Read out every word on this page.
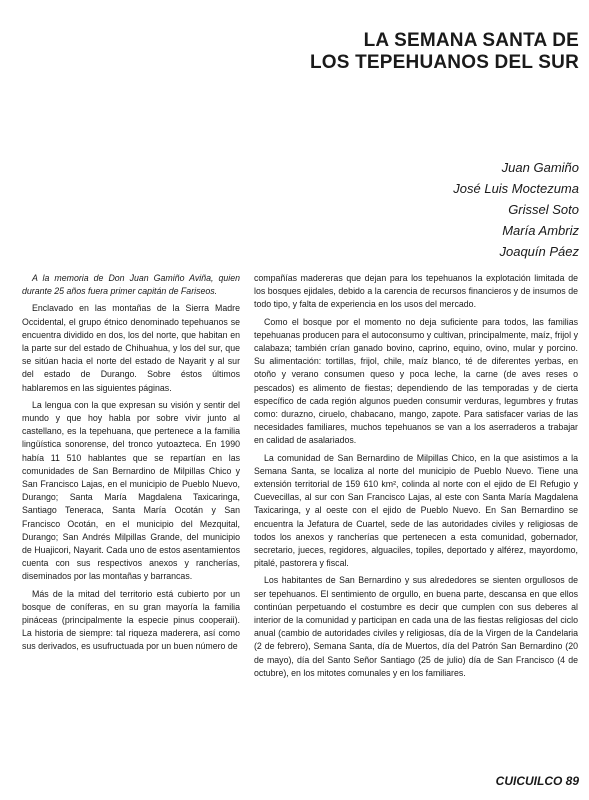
LA SEMANA SANTA DE
LOS TEPEHUANOS DEL SUR
Juan Gamiño
José Luis Moctezuma
Grissel Soto
María Ambriz
Joaquín Páez

A la memoria de Don Juan Gamiño Aviña, quien durante 25 años fuera primer capitán de Fariseos.

Enclavado en las montañas de la Sierra Madre Occidental, el grupo étnico denominado tepehuanos se encuentra dividido en dos, los del norte, que habitan en la parte sur del estado de Chihuahua, y los del sur, que se sitúan hacia el norte del estado de Nayarit y al sur del estado de Durango. Sobre éstos últimos hablaremos en las siguientes páginas.

La lengua con la que expresan su visión y sentir del mundo y que hoy habla por sobre vivir junto al castellano, es la tepehuana, que pertenece a la familia lingüística sonorense, del tronco yutoazteca. En 1990 había 11 510 hablantes que se repartían en las comunidades de San Bernardino de Milpillas Chico y San Francisco Lajas, en el municipio de Pueblo Nuevo, Durango; Santa María Magdalena Taxicaringa, Santiago Teneraca, Santa María Ocotán y San Francisco Ocotán, en el municipio del Mezquital, Durango; San Andrés Milpillas Grande, del municipio de Huajicori, Nayarit. Cada uno de estos asentamientos cuenta con sus respectivos anexos y rancherías, diseminados por las montañas y barrancas.

Más de la mitad del territorio está cubierto por un bosque de coníferas, en su gran mayoría la familia pináceas (principalmente la especie pinus cooperaii). La historia de siempre: tal riqueza maderera, así como sus derivados, es usufructuada por un buen número de

compañías madereras que dejan para los tepehuanos la explotación limitada de los bosques ejidales, debido a la carencia de recursos financieros y de insumos de todo tipo, y falta de experiencia en los usos del mercado.

Como el bosque por el momento no deja suficiente para todos, las familias tepehuanas producen para el autoconsumo y cultivan, principalmente, maíz, frijol y calabaza; también crían ganado bovino, caprino, equino, ovino, mular y porcino. Su alimentación: tortillas, frijol, chile, maíz blanco, té de diferentes yerbas, en otoño y verano consumen queso y poca leche, la carne (de aves reses o pescados) es alimento de fiestas; dependiendo de las temporadas y de cierta específico de cada región algunos pueden consumir verduras, legumbres y frutas como: durazno, ciruelo, chabacano, mango, zapote. Para satisfacer varias de las necesidades familiares, muchos tepehuanos se van a los aserraderos a trabajar en calidad de asalariados.

La comunidad de San Bernardino de Milpillas Chico, en la que asistimos a la Semana Santa, se localiza al norte del municipio de Pueblo Nuevo. Tiene una extensión territorial de 159 610 km², colinda al norte con el ejido de El Refugio y Cuevecillas, al sur con San Francisco Lajas, al este con Santa María Magdalena Taxicaringa, y al oeste con el ejido de Pueblo Nuevo. En San Bernardino se encuentra la Jefatura de Cuartel, sede de las autoridades civiles y religiosas de todos los anexos y rancherías que pertenecen a esta comunidad, gobernador, secretario, jueces, regidores, alguaciles, topiles, deportado y alférez, mayordomo, pitalé, pastorera y fiscal.

Los habitantes de San Bernardino y sus alrededores se sienten orgullosos de ser tepehuanos. El sentimiento de orgullo, en buena parte, descansa en que ellos continúan perpetuando el costumbre es decir que cumplen con sus deberes al interior de la comunidad y participan en cada una de las fiestas religiosas del ciclo anual (cambio de autoridades civiles y religiosas, día de la Virgen de la Candelaria (2 de febrero), Semana Santa, día de Muertos, día del Patrón San Bernardino (20 de mayo), día del Santo Señor Santiago (25 de julio) día de San Francisco (4 de octubre), en los mitotes comunales y en los familiares.

CUICUILCO 89
